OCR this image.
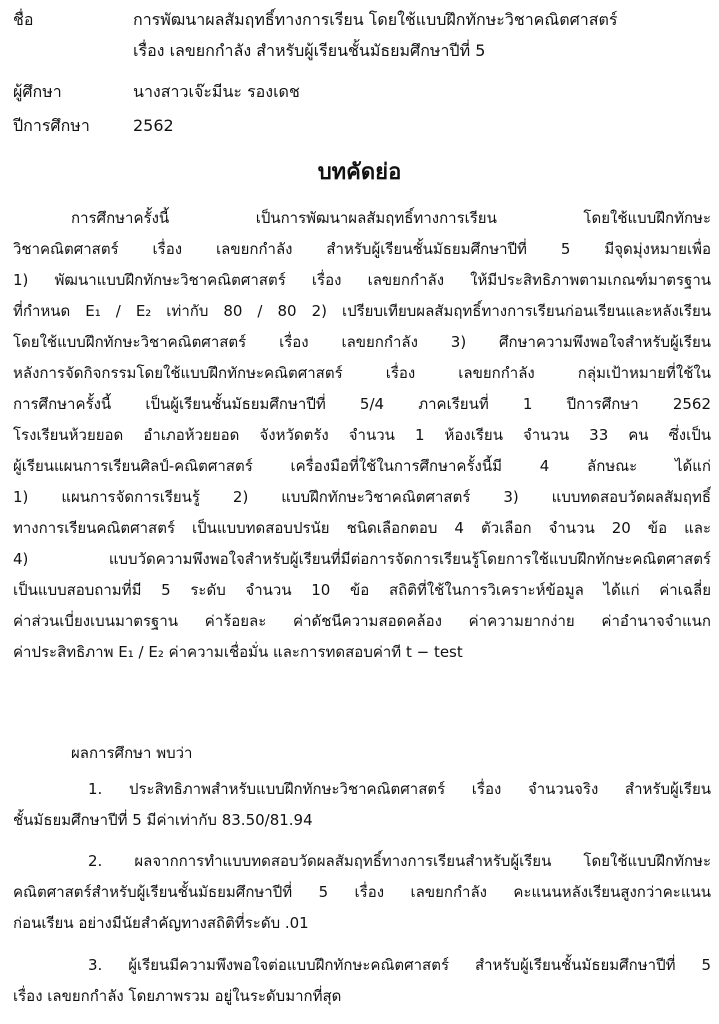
ชื่อ	การพัฒนาผลสัมฤทธิ์ทางการเรียน โดยใช้แบบฝึกทักษะวิชาคณิตศาสตร์
เรื่อง เลขยกกำลัง สำหรับผู้เรียนชั้นมัธยมศึกษาปีที่ 5
ผู้ศึกษา	นางสาวเจ๊ะมีนะ รองเดช
ปีการศึกษา	2562
บทคัดย่อ
การศึกษาครั้งนี้ เป็นการพัฒนาผลสัมฤทธิ์ทางการเรียน โดยใช้แบบฝึกทักษะ
วิชาคณิตศาสตร์ เรื่อง เลขยกกำลัง สำหรับผู้เรียนชั้นมัธยมศึกษาปีที่ 5 มีจุดมุ่งหมายเพื่อ
1) พัฒนาแบบฝึกทักษะวิชาคณิตศาสตร์ เรื่อง เลขยกกำลัง ให้มีประสิทธิภาพตามเกณฑ์มาตรฐาน
ที่กำหนด E₁ / E₂ เท่ากับ 80 / 80 2) เปรียบเทียบผลสัมฤทธิ์ทางการเรียนก่อนเรียนและหลังเรียน
โดยใช้แบบฝึกทักษะวิชาคณิตศาสตร์ เรื่อง เลขยกกำลัง 3) ศึกษาความพึงพอใจสำหรับผู้เรียน
หลังการจัดกิจกรรมโดยใช้แบบฝึกทักษะคณิตศาสตร์ เรื่อง เลขยกกำลัง กลุ่มเป้าหมายที่ใช้ใน
การศึกษาครั้งนี้ เป็นผู้เรียนชั้นมัธยมศึกษาปีที่ 5/4 ภาคเรียนที่ 1 ปีการศึกษา 2562
โรงเรียนห้วยยอด อำเภอห้วยยอด จังหวัดตรัง จำนวน 1 ห้องเรียน จำนวน 33 คน ซึ่งเป็น
ผู้เรียนแผนการเรียนศิลป์-คณิตศาสตร์ เครื่องมือที่ใช้ในการศึกษาครั้งนี้มี 4 ลักษณะ ได้แก่
1) แผนการจัดการเรียนรู้ 2) แบบฝึกทักษะวิชาคณิตศาสตร์ 3) แบบทดสอบวัดผลสัมฤทธิ์
ทางการเรียนคณิตศาสตร์ เป็นแบบทดสอบปรนัย ชนิดเลือกตอบ 4 ตัวเลือก จำนวน 20 ข้อ และ
4) แบบวัดความพึงพอใจสำหรับผู้เรียนที่มีต่อการจัดการเรียนรู้โดยการใช้แบบฝึกทักษะคณิตศาสตร์
เป็นแบบสอบถามที่มี 5 ระดับ จำนวน 10 ข้อ สถิติที่ใช้ในการวิเคราะห์ข้อมูล ได้แก่ ค่าเฉลี่ย
ค่าส่วนเบี่ยงเบนมาตรฐาน ค่าร้อยละ ค่าดัชนีความสอดคล้อง ค่าความยากง่าย ค่าอำนาจจำแนก
ค่าประสิทธิภาพ E₁ / E₂ ค่าความเชื่อมั่น และการทดสอบค่าที t − test
ผลการศึกษา พบว่า
1. ประสิทธิภาพสำหรับแบบฝึกทักษะวิชาคณิตศาสตร์ เรื่อง จำนวนจริง สำหรับผู้เรียน
ชั้นมัธยมศึกษาปีที่ 5 มีค่าเท่ากับ 83.50/81.94
2. ผลจากการทำแบบทดสอบวัดผลสัมฤทธิ์ทางการเรียนสำหรับผู้เรียน โดยใช้แบบฝึกทักษะ
คณิตศาสตร์สำหรับผู้เรียนชั้นมัธยมศึกษาปีที่ 5 เรื่อง เลขยกกำลัง คะแนนหลังเรียนสูงกว่าคะแนน
ก่อนเรียน อย่างมีนัยสำคัญทางสถิติที่ระดับ .01
3. ผู้เรียนมีความพึงพอใจต่อแบบฝึกทักษะคณิตศาสตร์ สำหรับผู้เรียนชั้นมัธยมศึกษาปีที่ 5
เรื่อง เลขยกกำลัง โดยภาพรวม อยู่ในระดับมากที่สุด
